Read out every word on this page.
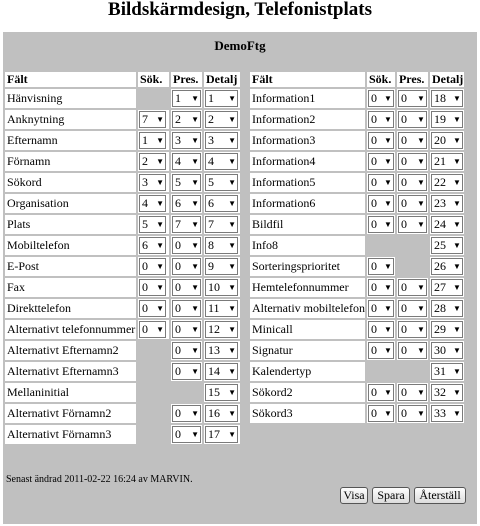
Bildskärmdesign, Telefonistplats
DemoFtg
Fält	Sök.	Pres.	Detalj
Hänvisning		1 ▼	1 ▼

Anknytning	7 ▼	2 ▼	2 ▼

Efternamn	1 ▼	3 ▼	3 ▼

Förnamn	2 ▼	4 ▼	4 ▼

Sökord	3 ▼	5 ▼	5 ▼

Organisation	4 ▼	6 ▼	6 ▼

Plats	5 ▼	7 ▼	7 ▼

Mobiltelefon	6 ▼	0 ▼	8 ▼

E-Post	0 ▼	0 ▼	9 ▼

Fax	0 ▼	0 ▼	10 ▼

Direkttelefon	0 ▼	0 ▼	11 ▼

Alternativt telefonnummer	0 ▼	0 ▼	12 ▼

Alternativt Efternamn2		0 ▼	13 ▼

Alternativt Efternamn3		0 ▼	14 ▼

Mellaninitial			15 ▼

Alternativt Förnamn2		0 ▼	16 ▼

Alternativt Förnamn3		0 ▼	17 ▼
Fält	Sök.	Pres.	Detalj
Information1	0 ▼	0 ▼	18 ▼

Information2	0 ▼	0 ▼	19 ▼

Information3	0 ▼	0 ▼	20 ▼

Information4	0 ▼	0 ▼	21 ▼

Information5	0 ▼	0 ▼	22 ▼

Information6	0 ▼	0 ▼	23 ▼

Bildfil	0 ▼	0 ▼	24 ▼

Info8			25 ▼

Sorteringsprioritet	0 ▼		26 ▼

Hemtelefonnummer	0 ▼	0 ▼	27 ▼

Alternativ mobiltelefon	0 ▼	0 ▼	28 ▼

Minicall	0 ▼	0 ▼	29 ▼

Signatur	0 ▼	0 ▼	30 ▼

Kalendertyp			31 ▼

Sökord2	0 ▼	0 ▼	32 ▼

Sökord3	0 ▼	0 ▼	33 ▼
Senast ändrad 2011-02-22 16:24 av MARVIN.
Visa	Spara	Återställ
